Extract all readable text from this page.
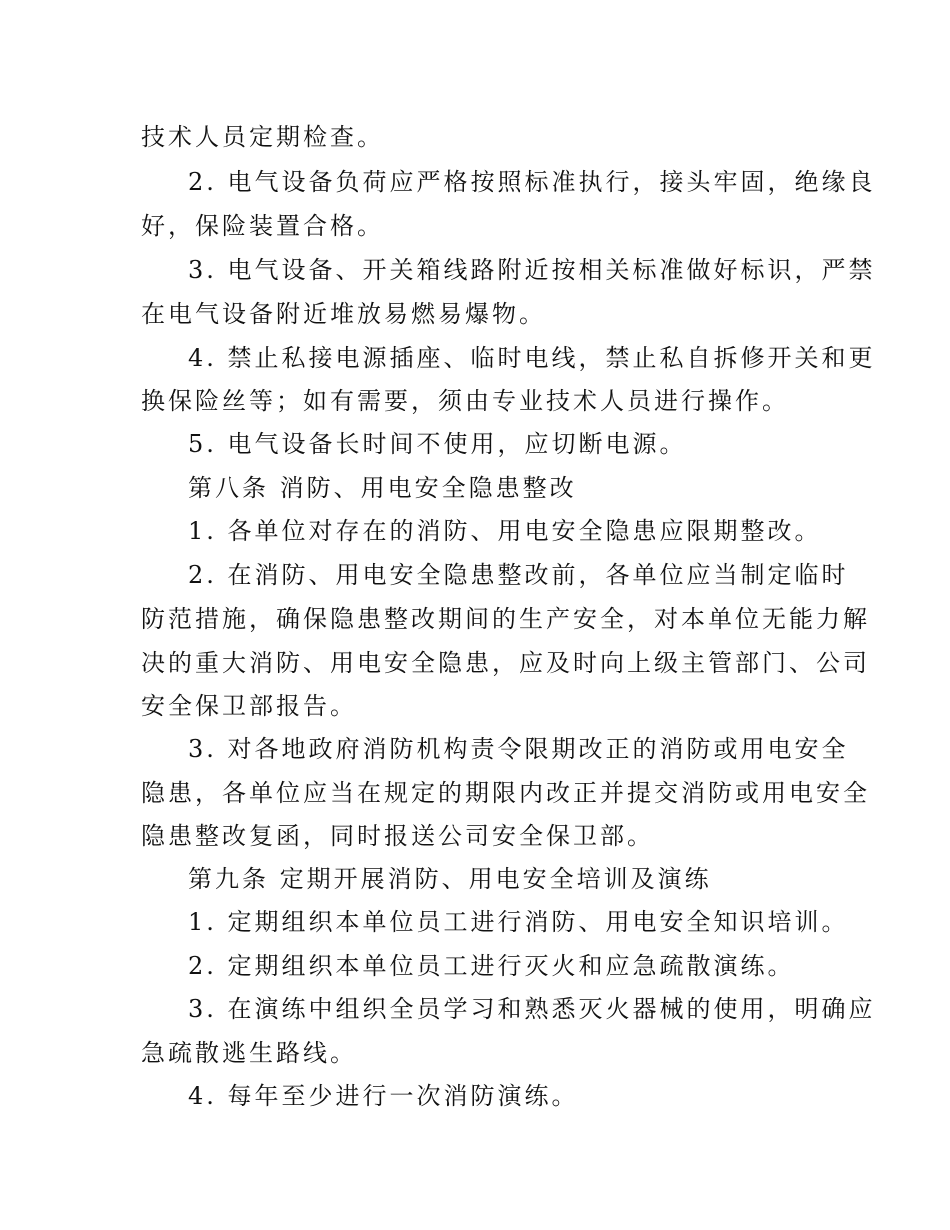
技术人员定期检查。
2. 电气设备负荷应严格按照标准执行，接头牢固，绝缘良
好，保险装置合格。
3. 电气设备、开关箱线路附近按相关标准做好标识，严禁
在电气设备附近堆放易燃易爆物。
4. 禁止私接电源插座、临时电线，禁止私自拆修开关和更
换保险丝等；如有需要，须由专业技术人员进行操作。
5. 电气设备长时间不使用，应切断电源。
第八条 消防、用电安全隐患整改
1. 各单位对存在的消防、用电安全隐患应限期整改。
2. 在消防、用电安全隐患整改前，各单位应当制定临时
防范措施，确保隐患整改期间的生产安全，对本单位无能力解
决的重大消防、用电安全隐患，应及时向上级主管部门、公司
安全保卫部报告。
3. 对各地政府消防机构责令限期改正的消防或用电安全
隐患，各单位应当在规定的期限内改正并提交消防或用电安全
隐患整改复函，同时报送公司安全保卫部。
第九条 定期开展消防、用电安全培训及演练
1. 定期组织本单位员工进行消防、用电安全知识培训。
2. 定期组织本单位员工进行灭火和应急疏散演练。
3. 在演练中组织全员学习和熟悉灭火器械的使用，明确应
急疏散逃生路线。
4. 每年至少进行一次消防演练。
